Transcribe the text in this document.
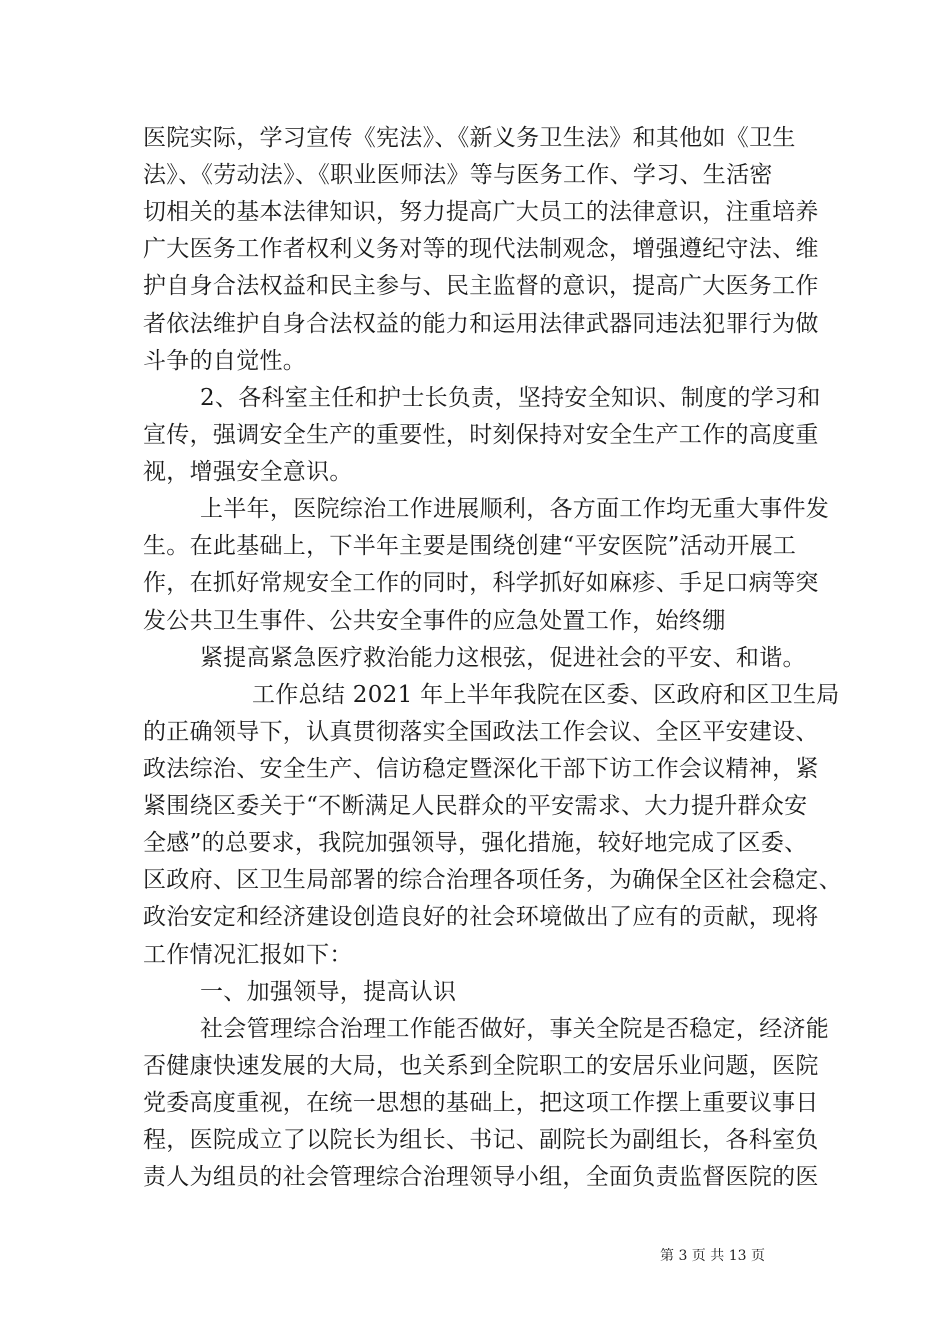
医院实际，学习宣传《宪法》、《新义务卫生法》和其他如《卫生
法》、《劳动法》、《职业医师法》等与医务工作、学习、生活密
切相关的基本法律知识，努力提高广大员工的法律意识，注重培养
广大医务工作者权利义务对等的现代法制观念，增强遵纪守法、维
护自身合法权益和民主参与、民主监督的意识，提高广大医务工作
者依法维护自身合法权益的能力和运用法律武器同违法犯罪行为做
斗争的自觉性。
2、各科室主任和护士长负责，坚持安全知识、制度的学习和
宣传，强调安全生产的重要性，时刻保持对安全生产工作的高度重
视，增强安全意识。
上半年，医院综治工作进展顺利，各方面工作均无重大事件发
生。在此基础上，下半年主要是围绕创建“平安医院”活动开展工
作，在抓好常规安全工作的同时，科学抓好如麻疹、手足口病等突
发公共卫生事件、公共安全事件的应急处置工作，始终绷
紧提高紧急医疗救治能力这根弦，促进社会的平安、和谐。
工作总结 2021 年上半年我院在区委、区政府和区卫生局
的正确领导下，认真贯彻落实全国政法工作会议、全区平安建设、
政法综治、安全生产、信访稳定暨深化干部下访工作会议精神，紧
紧围绕区委关于“不断满足人民群众的平安需求、大力提升群众安
全感”的总要求，我院加强领导，强化措施，较好地完成了区委、
区政府、区卫生局部署的综合治理各项任务，为确保全区社会稳定、
政治安定和经济建设创造良好的社会环境做出了应有的贡献，现将
工作情况汇报如下：
一、加强领导，提高认识
社会管理综合治理工作能否做好，事关全院是否稳定，经济能
否健康快速发展的大局，也关系到全院职工的安居乐业问题，医院
党委高度重视，在统一思想的基础上，把这项工作摆上重要议事日
程，医院成立了以院长为组长、书记、副院长为副组长，各科室负
责人为组员的社会管理综合治理领导小组，全面负责监督医院的医
第 3 页 共 13 页
